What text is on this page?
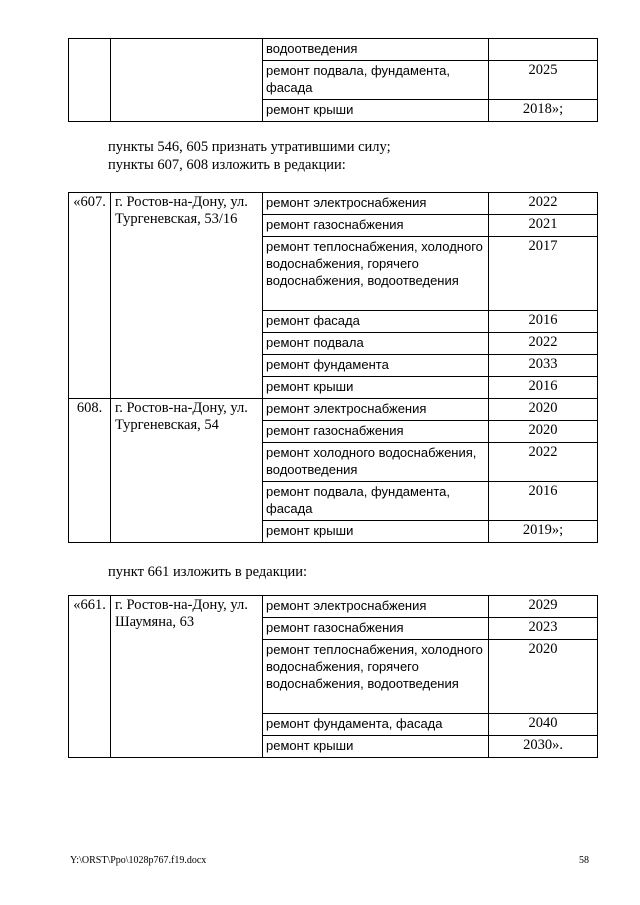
		водоотведения	
		ремонт подвала, фундамента, фасада	2025
		ремонт крыши	2018»;
пункты 546, 605 признать утратившими силу;
пункты 607, 608 изложить в редакции:
«607.	г. Ростов-на-Дону, ул. Тургеневская, 53/16	ремонт электроснабжения	2022
		ремонт газоснабжения	2021
		ремонт теплоснабжения, холодного водоснабжения, горячего водоснабжения, водоотведения	2017
		ремонт фасада	2016
		ремонт подвала	2022
		ремонт фундамента	2033
		ремонт крыши	2016
608.	г. Ростов-на-Дону, ул. Тургеневская, 54	ремонт электроснабжения	2020
		ремонт газоснабжения	2020
		ремонт холодного водоснабжения, водоотведения	2022
		ремонт подвала, фундамента, фасада	2016
		ремонт крыши	2019»;
пункт 661 изложить в редакции:
«661.	г. Ростов-на-Дону, ул. Шаумяна, 63	ремонт электроснабжения	2029
		ремонт газоснабжения	2023
		ремонт теплоснабжения, холодного водоснабжения, горячего водоснабжения, водоотведения	2020
		ремонт фундамента, фасада	2040
		ремонт крыши	2030».
Y:\ORST\Ppo\1028p767.f19.docx	58
